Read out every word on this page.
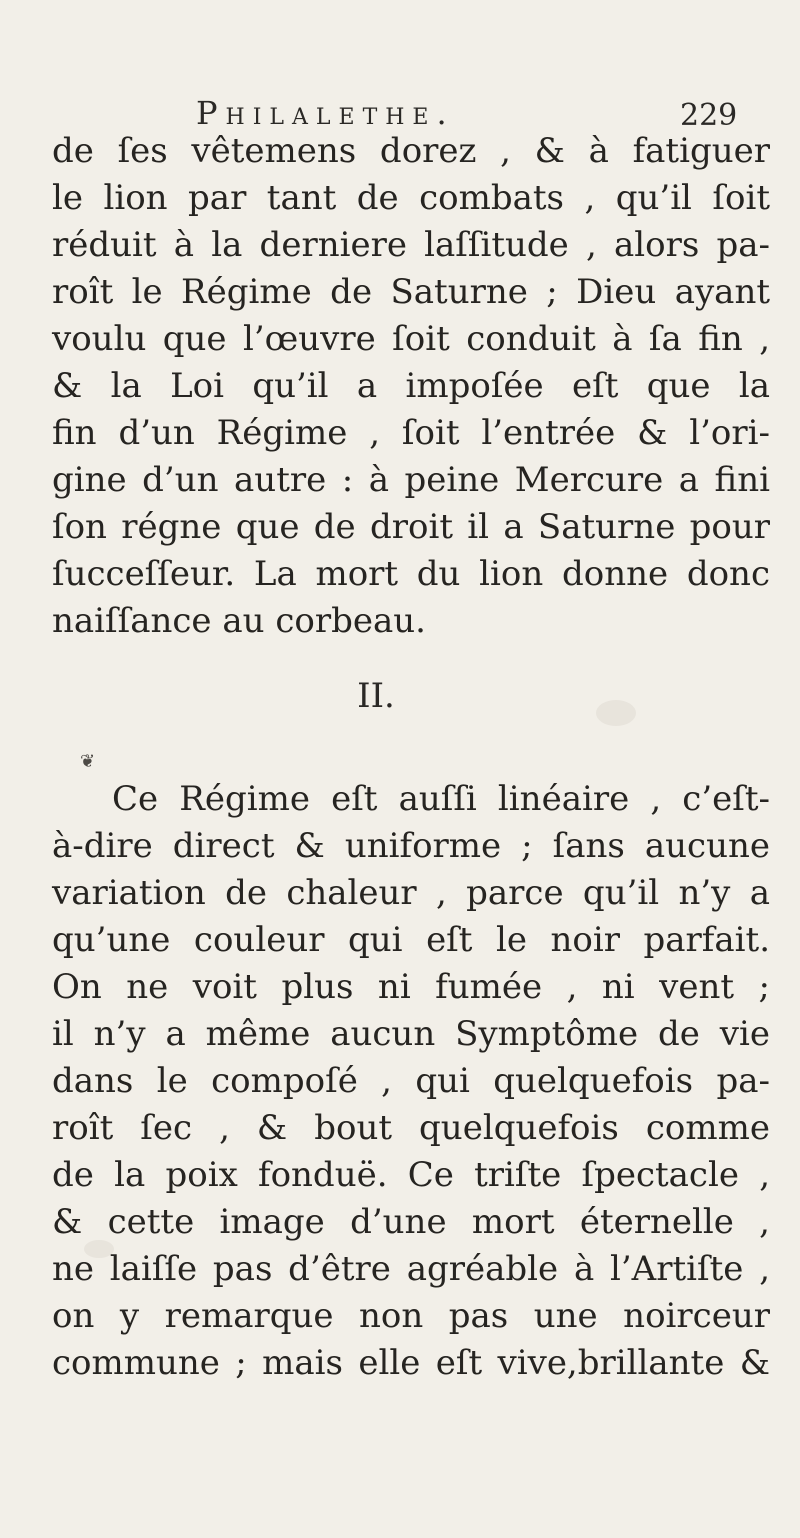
Philalethe.	229
de ſes vêtemens dorez , & à fatiguer
le lion par tant de combats , qu’il ſoit
réduit à la derniere laſſitude , alors pa-
roît le Régime de Saturne ; Dieu ayant
voulu que l’œuvre ſoit conduit à ſa fin ,
& la Loi qu’il a impoſée eſt que la
fin d’un Régime , ſoit l’entrée & l’ori-
gine d’un autre : à peine Mercure a fini
ſon régne que de droit il a Saturne pour
ſucceſſeur. La mort du lion donne donc
naiſſance au corbeau.
II.
❦
Ce Régime eſt auſſi linéaire , c’eſt-
à-dire direct & uniforme ; ſans aucune
variation de chaleur , parce qu’il n’y a
qu’une couleur qui eſt le noir parfait.
On ne voit plus ni fumée , ni vent ;
il n’y a même aucun Symptôme de vie
dans le compoſé , qui quelquefois pa-
roît ſec , & bout quelquefois comme
de la poix fonduë. Ce triſte ſpectacle ,
& cette image d’une mort éternelle ,
ne laiſſe pas d’être agréable à l’Artiſte ,
on y remarque non pas une noirceur
commune ; mais elle eſt vive,brillante &
